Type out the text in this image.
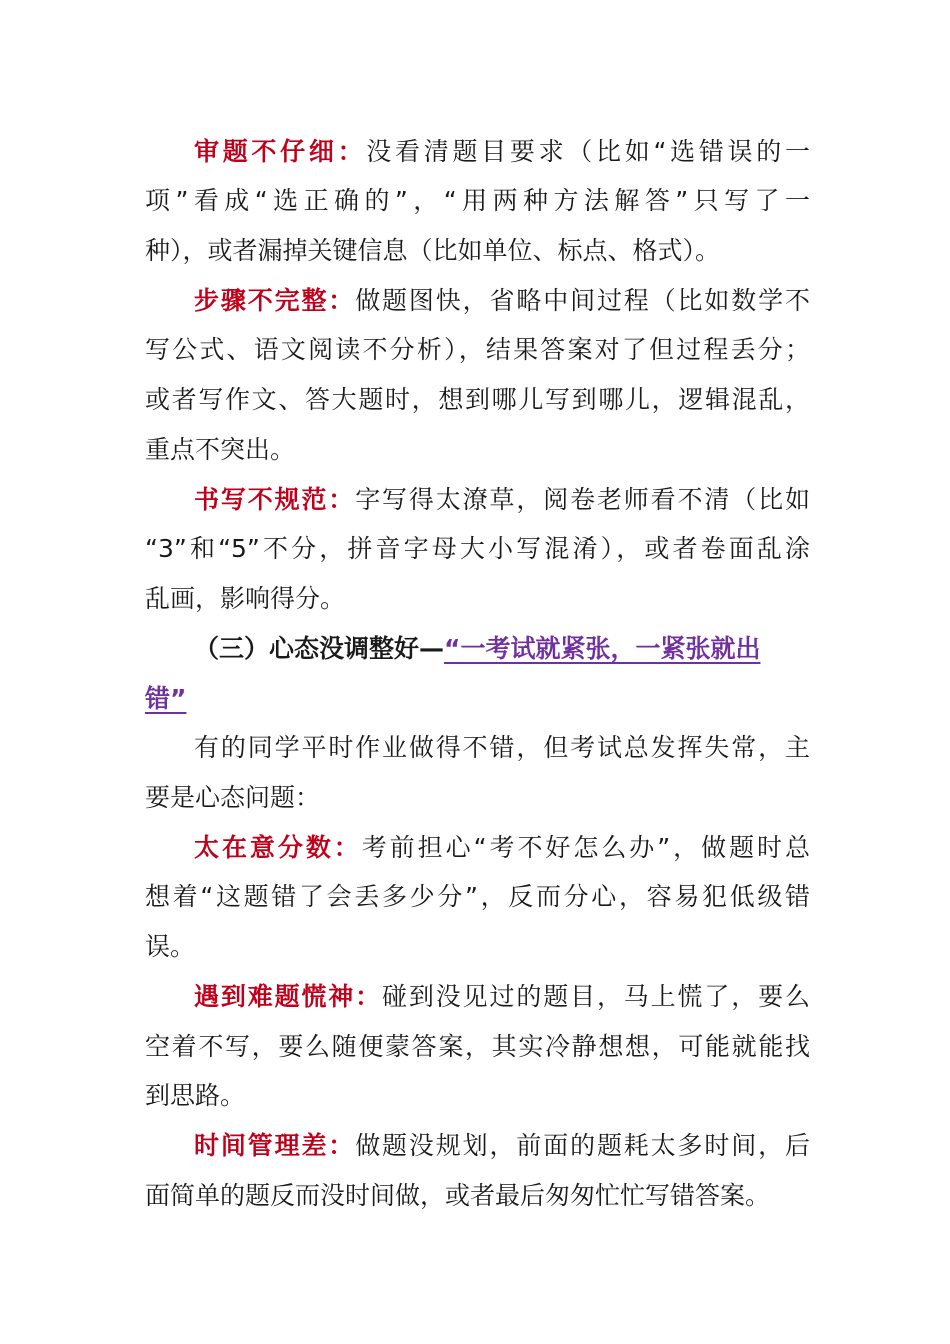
审题不仔细：没看清题目要求（比如“选错误的一
项”看成“选正确的”，“用两种方法解答”只写了一
种），或者漏掉关键信息（比如单位、标点、格式）。
步骤不完整：做题图快，省略中间过程（比如数学不
写公式、语文阅读不分析），结果答案对了但过程丢分；
或者写作文、答大题时，想到哪儿写到哪儿，逻辑混乱，
重点不突出。
书写不规范：字写得太潦草，阅卷老师看不清（比如
“3”和“5”不分，拼音字母大小写混淆），或者卷面乱涂
乱画，影响得分。
（三）心态没调整好—“一考试就紧张，一紧张就出
错”
有的同学平时作业做得不错，但考试总发挥失常，主
要是心态问题：
太在意分数：考前担心“考不好怎么办”，做题时总
想着“这题错了会丢多少分”，反而分心，容易犯低级错
误。
遇到难题慌神：碰到没见过的题目，马上慌了，要么
空着不写，要么随便蒙答案，其实冷静想想，可能就能找
到思路。
时间管理差：做题没规划，前面的题耗太多时间，后
面简单的题反而没时间做，或者最后匆匆忙忙写错答案。
